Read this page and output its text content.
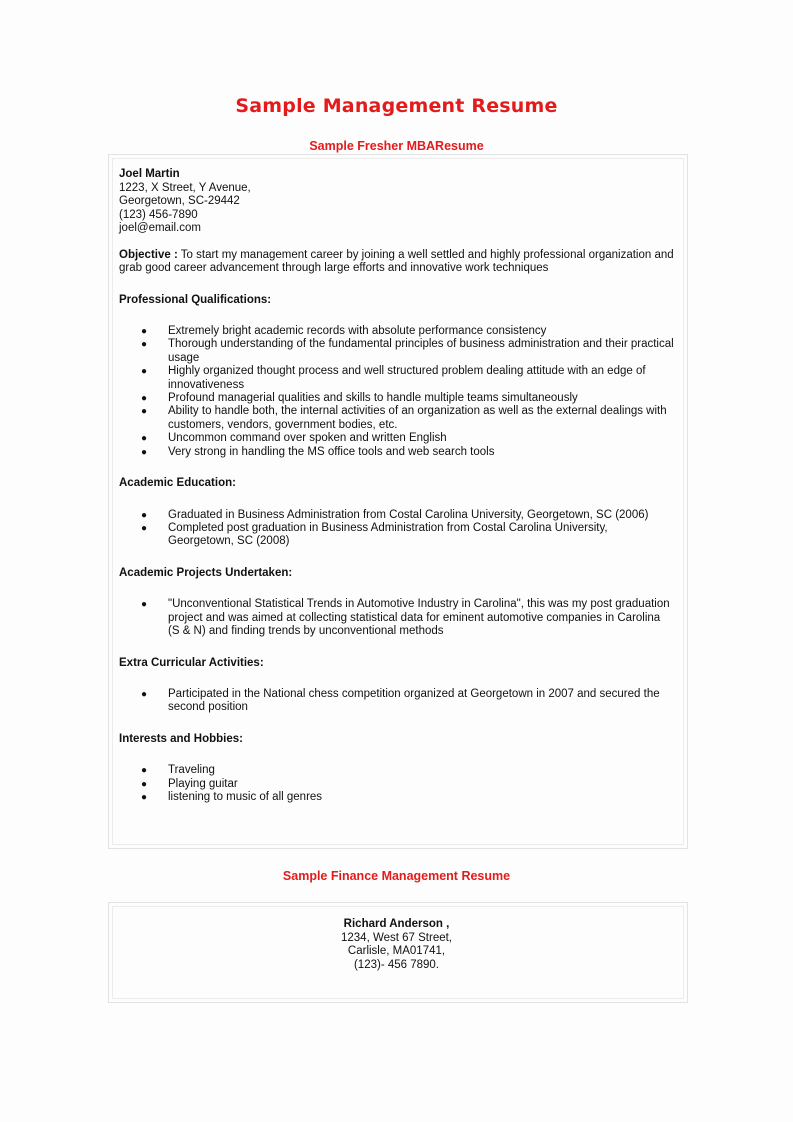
Sample Management Resume
Sample Fresher MBAResume

Joel Martin

1223, X Street, Y Avenue,

Georgetown, SC-29442

(123) 456-7890

joel@email.com

Objective : To start my management career by joining a well settled and highly professional organization and grab good career advancement through large efforts and innovative work techniques

Professional Qualifications:

● Extremely bright academic records with absolute performance consistency
● Thorough understanding of the fundamental principles of business administration and their practical usage
● Highly organized thought process and well structured problem dealing attitude with an edge of innovativeness
● Profound managerial qualities and skills to handle multiple teams simultaneously
● Ability to handle both, the internal activities of an organization as well as the external dealings with customers, vendors, government bodies, etc.
● Uncommon command over spoken and written English
● Very strong in handling the MS office tools and web search tools

Academic Education:

● Graduated in Business Administration from Costal Carolina University, Georgetown, SC (2006)
● Completed post graduation in Business Administration from Costal Carolina University, Georgetown, SC (2008)

Academic Projects Undertaken:

● "Unconventional Statistical Trends in Automotive Industry in Carolina", this was my post graduation project and was aimed at collecting statistical data for eminent automotive companies in Carolina (S & N) and finding trends by unconventional methods

Extra Curricular Activities:

● Participated in the National chess competition organized at Georgetown in 2007 and secured the second position

Interests and Hobbies:

● Traveling
● Playing guitar
● listening to music of all genres
Sample Finance Management Resume

Richard Anderson ,

1234, West 67 Street,

Carlisle, MA01741,

(123)- 456 7890.
